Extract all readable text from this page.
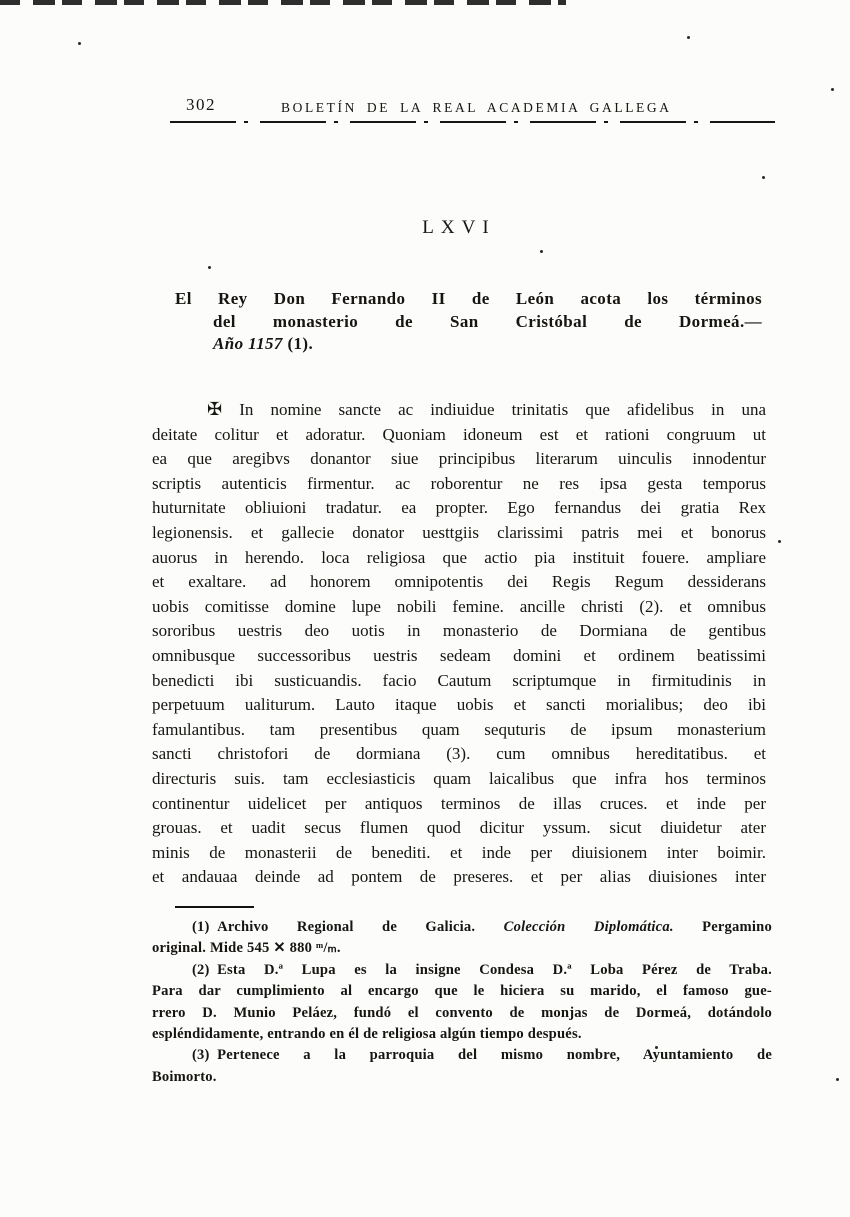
302	BOLETÍN DE LA REAL ACADEMIA GALLEGA
LXVI
El Rey Don Fernando II de León acota los términos
del monasterio de San Cristóbal de Dormeá.—
Año 1157 (1).
✠ In nomine sancte ac indiuidue trinitatis que afidelibus in una
deitate colitur et adoratur. Quoniam idoneum est et rationi congruum ut
ea que aregibvs donantor siue principibus literarum uinculis innodentur
scriptis autenticis firmentur. ac roborentur ne res ipsa gesta temporus
huturnitate obliuioni tradatur. ea propter. Ego fernandus dei gratia Rex
legionensis. et gallecie donator uesttgiis clarissimi patris mei et bonorus
auorus in herendo. loca religiosa que actio pia instituit fouere. ampliare
et exaltare. ad honorem omnipotentis dei Regis Regum dessiderans
uobis comitisse domine lupe nobili femine. ancille christi (2). et omnibus
sororibus uestris deo uotis in monasterio de Dormiana de gentibus
omnibusque successoribus uestris sedeam domini et ordinem beatissimi
benedicti ibi susticuandis. facio Cautum scriptumque in firmitudinis in
perpetuum ualiturum. Lauto itaque uobis et sancti morialibus; deo ibi
famulantibus. tam presentibus quam sequturis de ipsum monasterium
sancti christofori de dormiana (3). cum omnibus hereditatibus. et
directuris suis. tam ecclesiasticis quam laicalibus que infra hos terminos
continentur uidelicet per antiquos terminos de illas cruces. et inde per
grouas. et uadit secus flumen quod dicitur yssum. sicut diuidetur ater
minis de monasterii de benediti. et inde per diuisionem inter boimir.
et andauaa deinde ad pontem de preseres. et per alias diuisiones inter
(1) Archivo Regional de Galicia. Colección Diplomática. Pergamino
original. Mide 545 ✕ 880 ᵐ/ₘ.
(2) Esta D.ª Lupa es la insigne Condesa D.ª Loba Pérez de Traba.
Para dar cumplimiento al encargo que le hiciera su marido, el famoso gue-
rrero D. Munio Peláez, fundó el convento de monjas de Dormeá, dotándolo
espléndidamente, entrando en él de religiosa algún tiempo después.
(3) Pertenece a la parroquia del mismo nombre, Ayuntamiento de
Boimorto.
